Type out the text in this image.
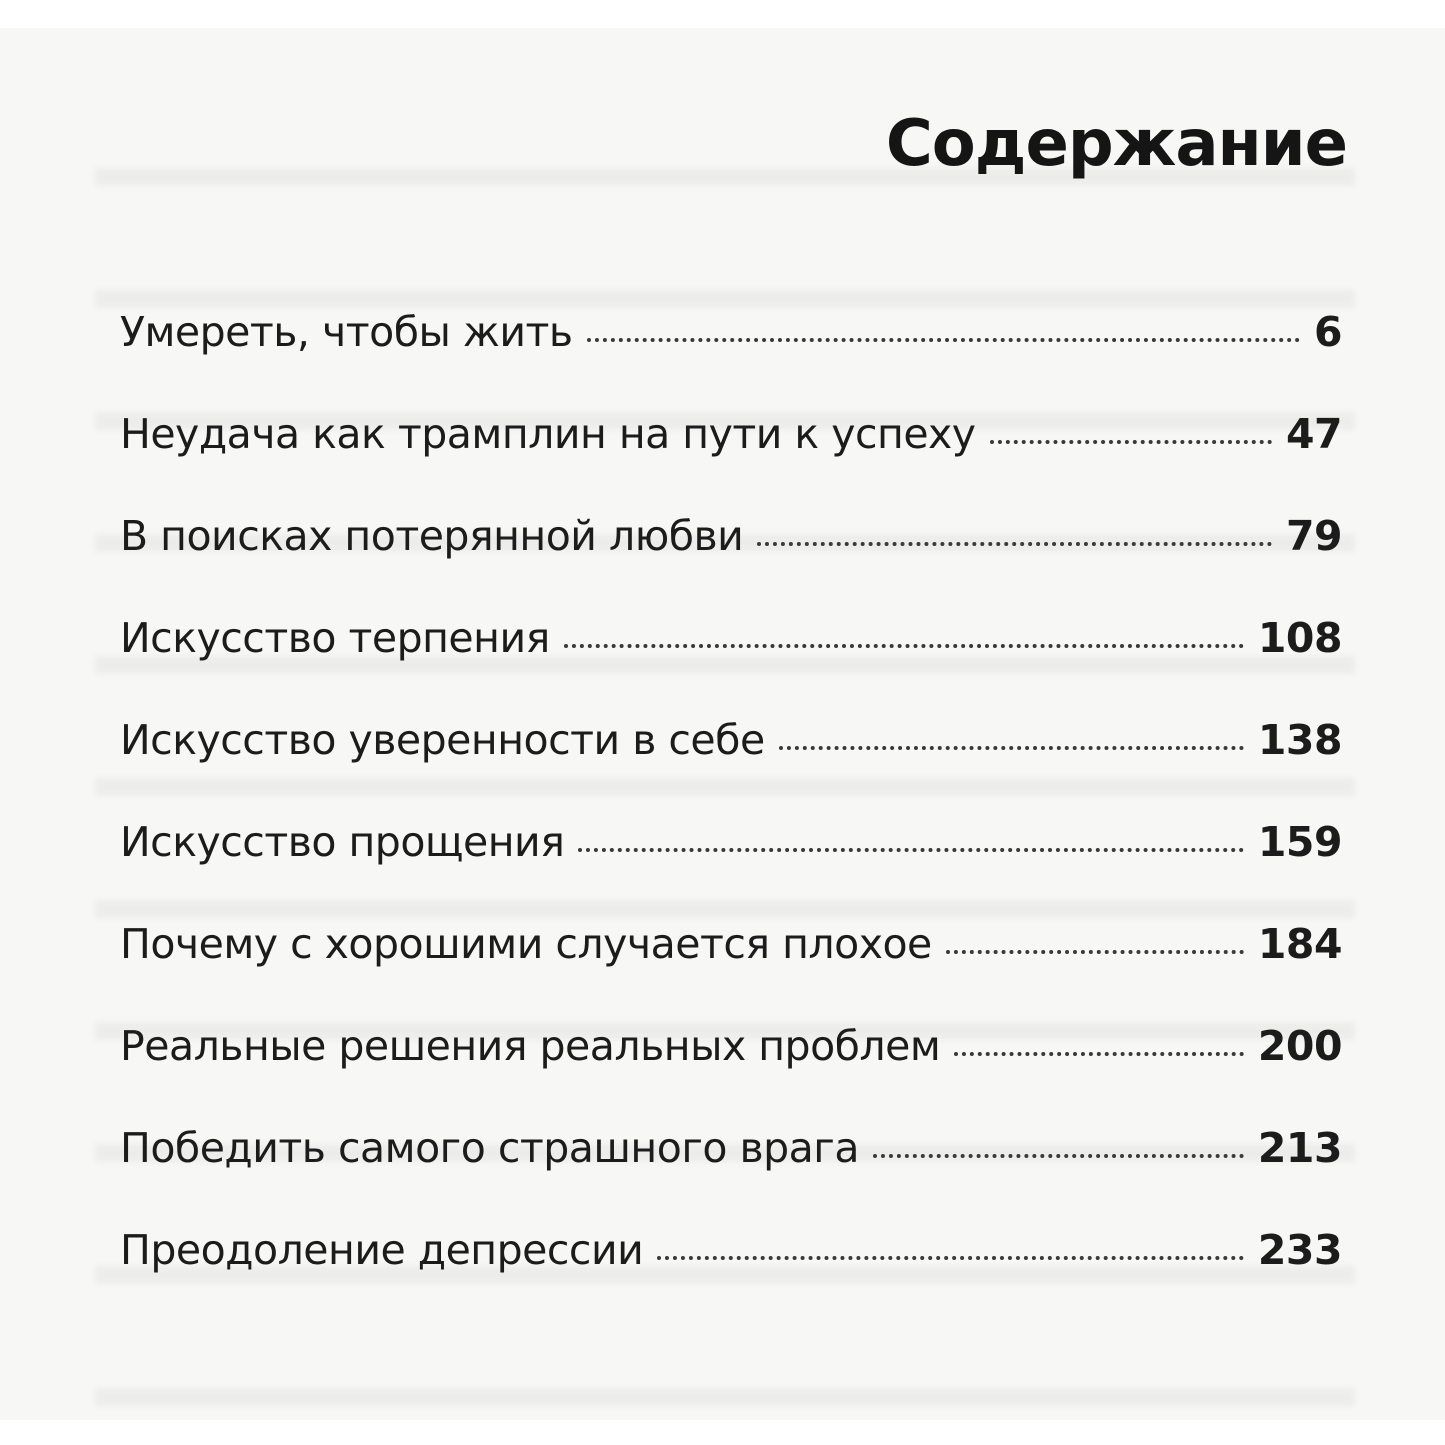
Содержание
Умереть, чтобы жить	6
Неудача как трамплин на пути к успеху	47
В поисках потерянной любви	79
Искусство терпения	108
Искусство уверенности в себе	138
Искусство прощения	159
Почему с хорошими случается плохое	184
Реальные решения реальных проблем	200
Победить самого страшного врага	213
Преодоление депрессии	233
